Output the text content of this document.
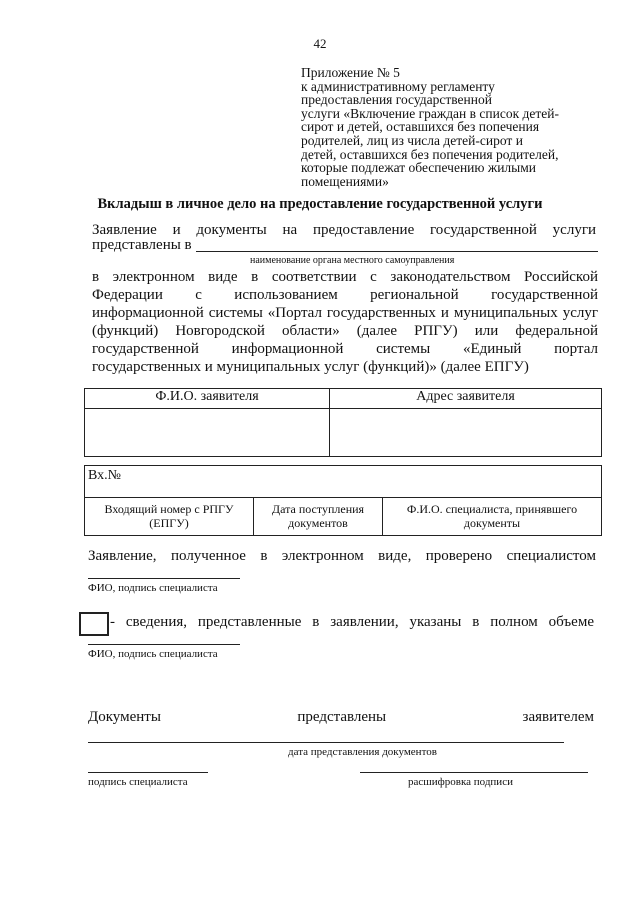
42
Приложение № 5
к административному регламенту
предоставления государственной
услуги «Включение граждан в список детей-
сирот и детей, оставшихся без попечения
родителей, лиц из числа детей-сирот и
детей, оставшихся без попечения родителей,
которые подлежат обеспечению жилыми
помещениями»
Вкладыш в личное дело на предоставление государственной услуги
Заявление и документы на предоставление государственной услуги
представлены в
наименование органа местного самоуправления
в электронном виде в соответствии с законодательством Российской
Федерации с использованием региональной государственной
информационной системы «Портал государственных и муниципальных услуг
(функций) Новгородской области» (далее РПГУ) или федеральной
государственной информационной системы «Единый портал
государственных и муниципальных услуг (функций)» (далее ЕПГУ)
Ф.И.О. заявителя	Адрес заявителя

Вх.№
Входящий номер с РПГУ (ЕПГУ)	Дата поступления документов	Ф.И.О. специалиста, принявшего документы
Заявление, полученное в электронном виде, проверено специалистом
ФИО, подпись специалиста
- сведения, представленные в заявлении, указаны в полном объеме
ФИО, подпись специалиста
Документы представлены заявителем
дата представления документов
подпись специалиста	расшифровка подписи
